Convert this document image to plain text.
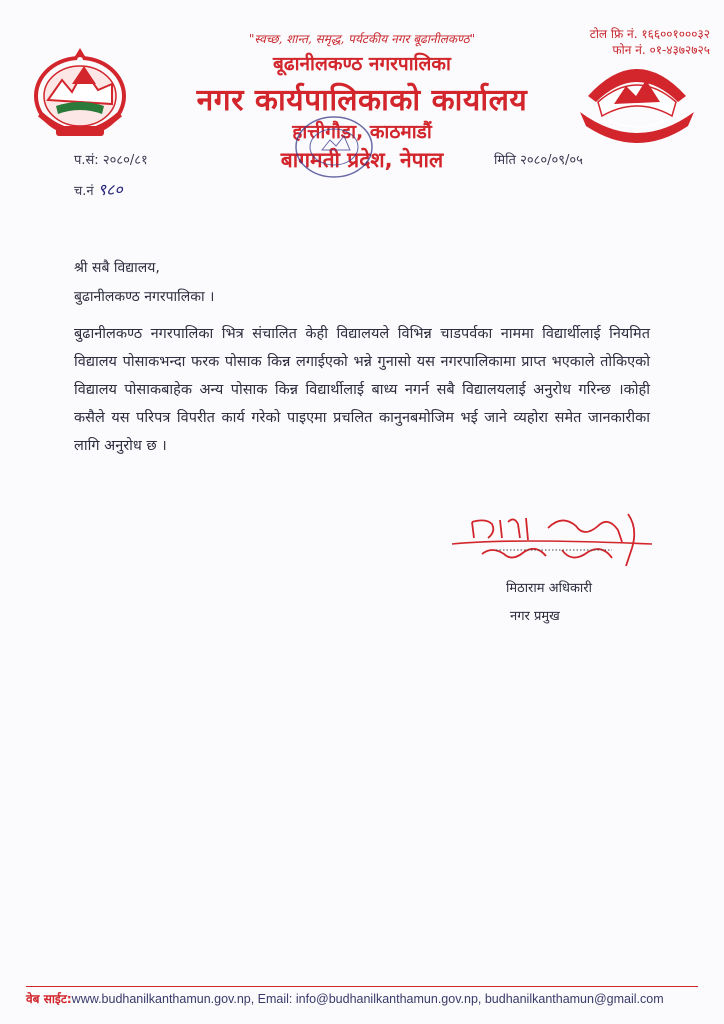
"स्वच्छ, शान्त, समृद्ध, पर्यटकीय नगर बूढानीलकण्ठ"
बूढानीलकण्ठ नगरपालिका
नगर कार्यपालिकाको कार्यालय
हात्तीगौडा, काठमाडौं
बागमती प्रदेश, नेपाल
टोल फ्रि नं. १६६००१०००३२
फोन नं. ०१-४३७२७२५
प.सं: २०८०/८१
च.नं ९८०
मिति २०८०/०९/०५
श्री सबै विद्यालय,
बुढानीलकण्ठ नगरपालिका ।
बुढानीलकण्ठ नगरपालिका भित्र संचालित केही विद्यालयले विभिन्न चाडपर्वका नाममा विद्यार्थीलाई नियमित विद्यालय पोसाकभन्दा फरक पोसाक किन्न लगाईएको भन्ने गुनासो यस नगरपालिकामा प्राप्त भएकाले तोकिएको विद्यालय पोसाकबाहेक अन्य पोसाक किन्न विद्यार्थीलाई बाध्य नगर्न सबै विद्यालयलाई अनुरोध गरिन्छ ।कोही कसैले यस परिपत्र विपरीत कार्य गरेको पाइएमा प्रचलित कानुनबमोजिम भई जाने व्यहोरा समेत जानकारीका लागि अनुरोध छ ।
मिठाराम अधिकारी
नगर प्रमुख
वेब साईट:www.budhanilkanthamun.gov.np, Email: info@budhanilkanthamun.gov.np, budhanilkanthamun@gmail.com
